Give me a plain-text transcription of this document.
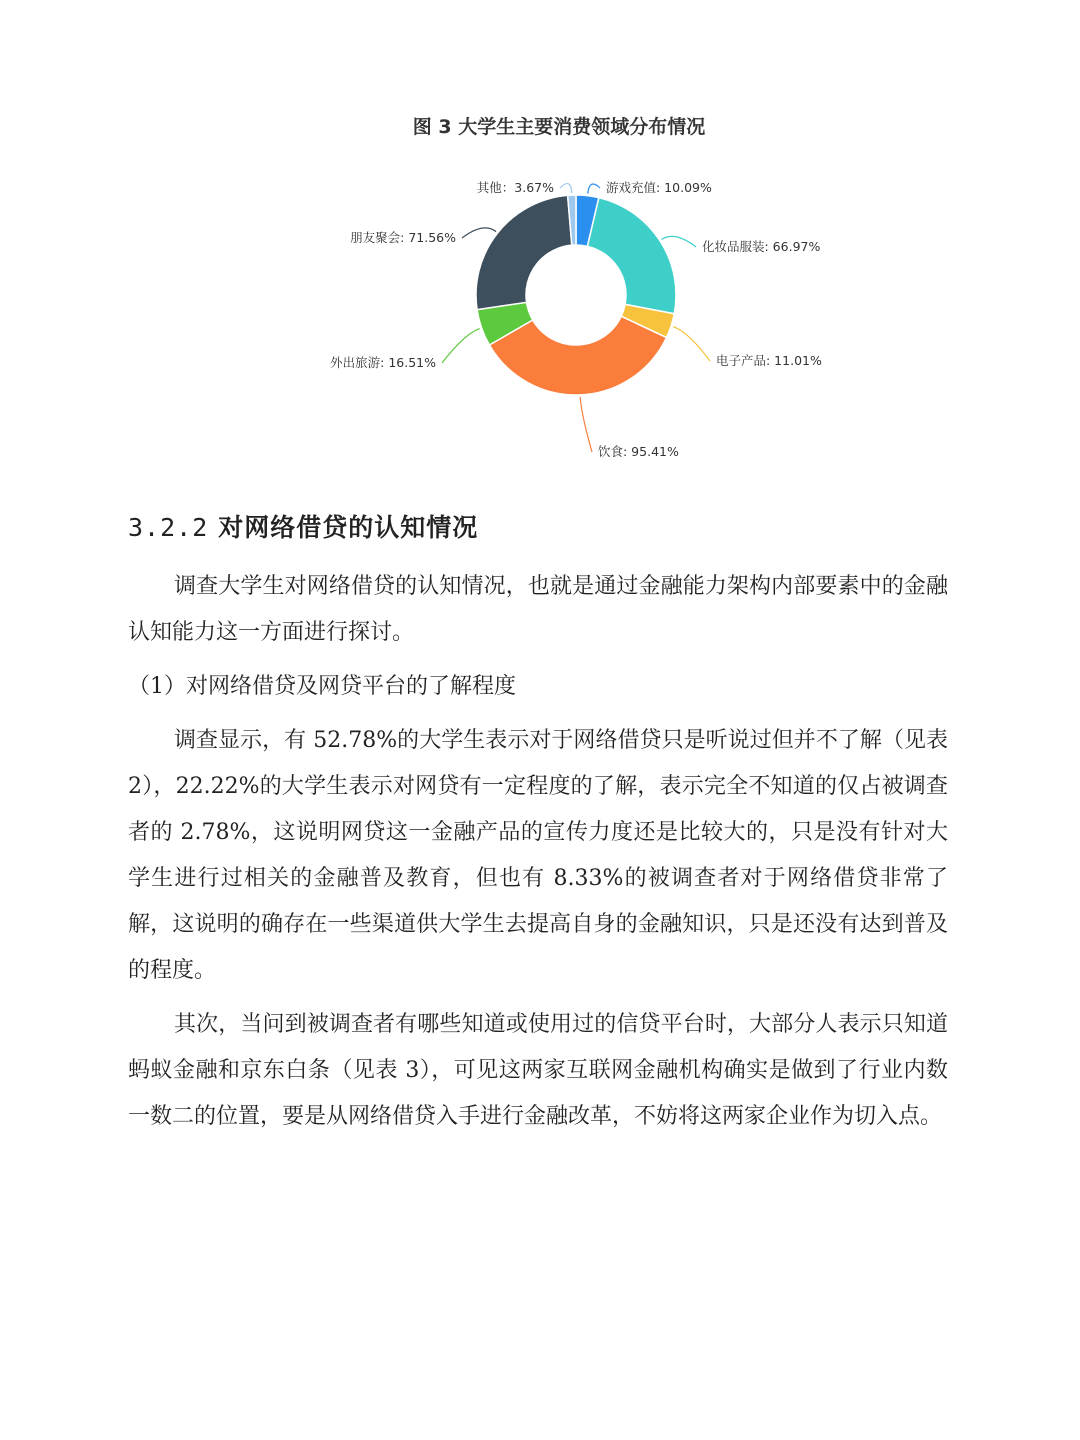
图 3 大学生主要消费领域分布情况
游戏充值: 10.09%
化妆品服装: 66.97%
电子产品: 11.01%
饮食: 95.41%
外出旅游: 16.51%
朋友聚会: 71.56%
其他：3.67%
3.2.2 对网络借贷的认知情况

调查大学生对网络借贷的认知情况，也就是通过金融能力架构内部要素中的金融认知能力这一方面进行探讨。

（1）对网络借贷及网贷平台的了解程度

调查显示，有 52.78%的大学生表示对于网络借贷只是听说过但并不了解（见表 2），22.22%的大学生表示对网贷有一定程度的了解，表示完全不知道的仅占被调查者的 2.78%，这说明网贷这一金融产品的宣传力度还是比较大的，只是没有针对大学生进行过相关的金融普及教育，但也有 8.33%的被调查者对于网络借贷非常了解，这说明的确存在一些渠道供大学生去提高自身的金融知识，只是还没有达到普及的程度。

其次，当问到被调查者有哪些知道或使用过的信贷平台时，大部分人表示只知道蚂蚁金融和京东白条（见表 3），可见这两家互联网金融机构确实是做到了行业内数一数二的位置，要是从网络借贷入手进行金融改革，不妨将这两家企业作为切入点。
